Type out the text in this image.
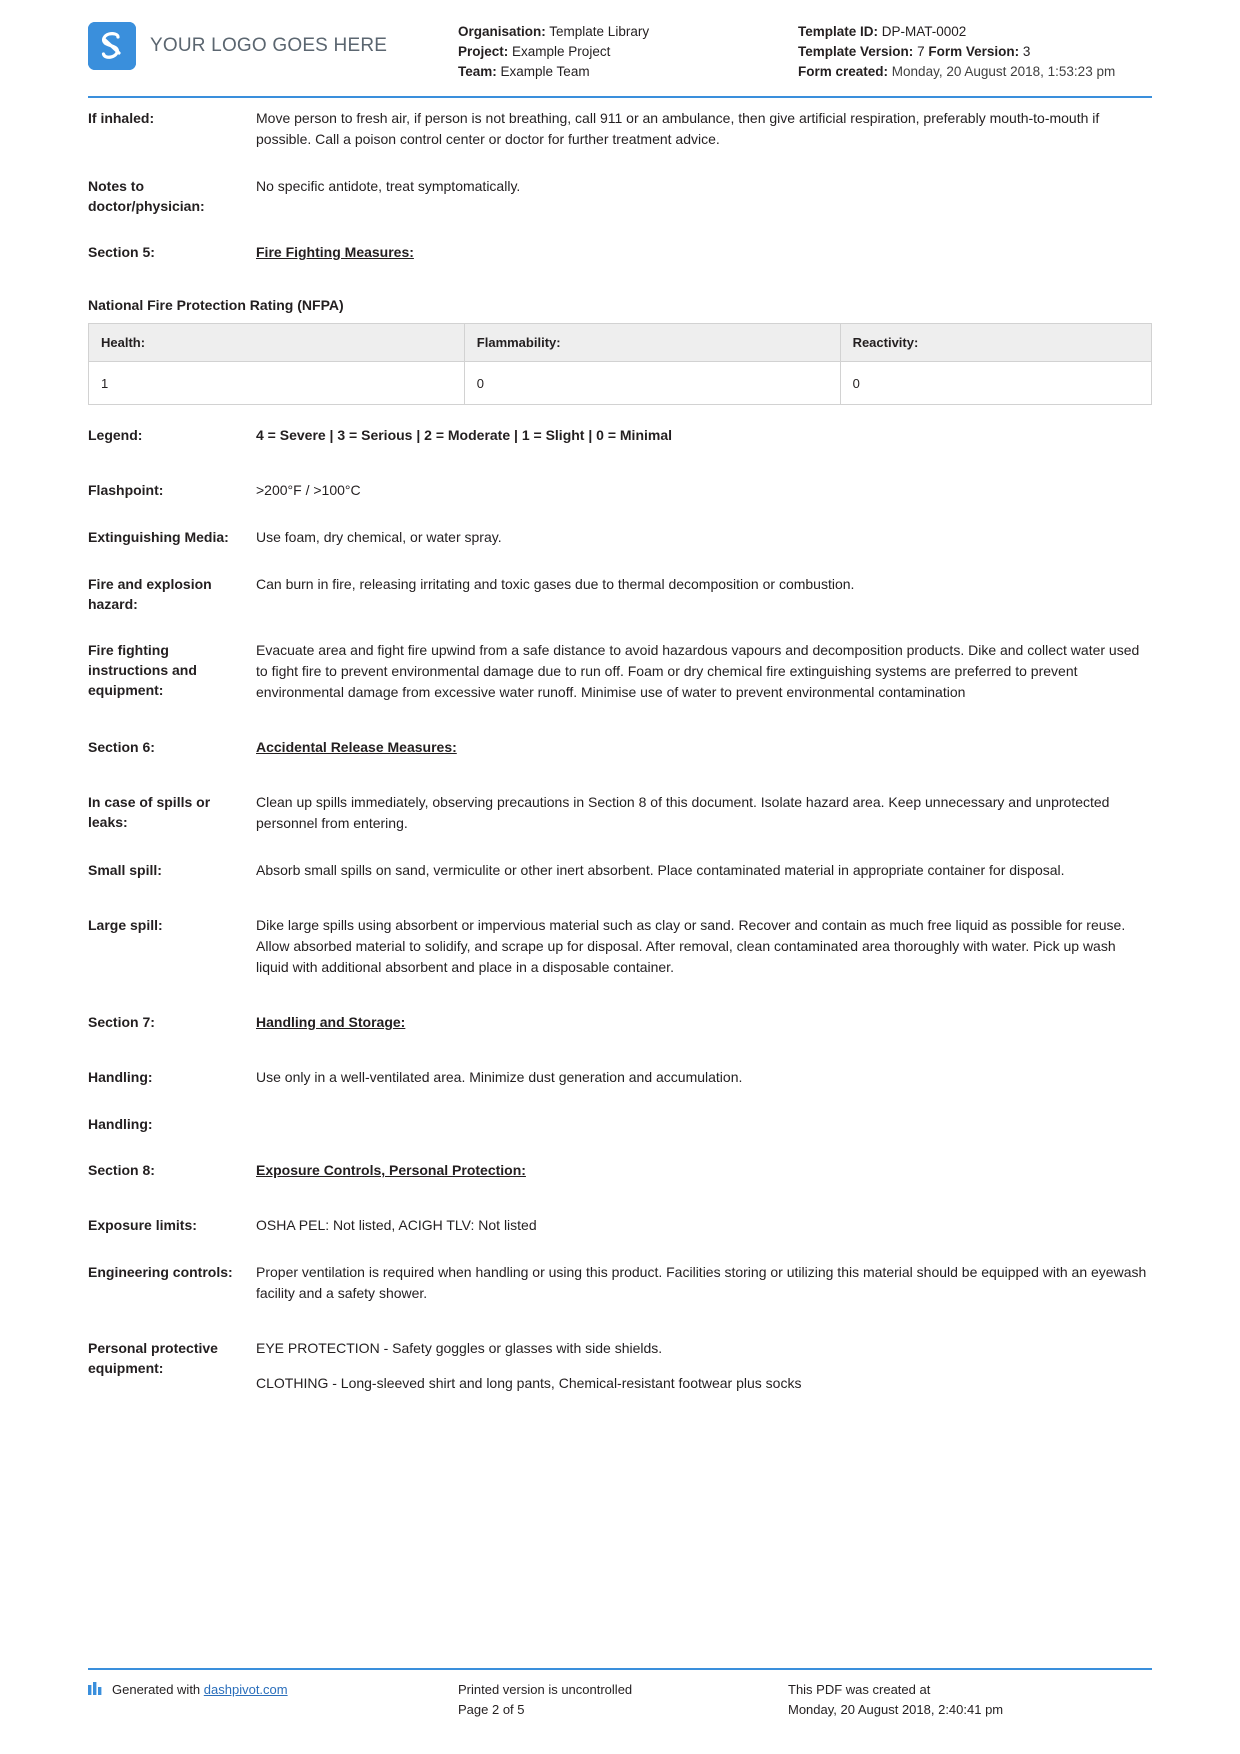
YOUR LOGO GOES HERE
Organisation: Template Library
Project: Example Project
Team: Example Team
Template ID: DP-MAT-0002
Template Version: 7 Form Version: 3
Form created: Monday, 20 August 2018, 1:53:23 pm
If inhaled:	Move person to fresh air, if person is not breathing, call 911 or an ambulance, then give artificial respiration, preferably mouth-to-mouth if possible. Call a poison control center or doctor for further treatment advice.
Notes to doctor/physician:
No specific antidote, treat symptomatically.
Section 5:	Fire Fighting Measures:
National Fire Protection Rating (NFPA)
Health:	Flammability:	Reactivity:
1	0	0
Legend:	4 = Severe | 3 = Serious | 2 = Moderate | 1 = Slight | 0 = Minimal
Flashpoint:	>200°F / >100°C
Extinguishing Media:	Use foam, dry chemical, or water spray.
Fire and explosion hazard:
Can burn in fire, releasing irritating and toxic gases due to thermal decomposition or combustion.
Fire fighting instructions and equipment:
Evacuate area and fight fire upwind from a safe distance to avoid hazardous vapours and decomposition products. Dike and collect water used to fight fire to prevent environmental damage due to run off. Foam or dry chemical fire extinguishing systems are preferred to prevent environmental damage from excessive water runoff. Minimise use of water to prevent environmental contamination
Section 6:	Accidental Release Measures:
In case of spills or leaks:
Clean up spills immediately, observing precautions in Section 8 of this document. Isolate hazard area. Keep unnecessary and unprotected personnel from entering.
Small spill:	Absorb small spills on sand, vermiculite or other inert absorbent. Place contaminated material in appropriate container for disposal.
Large spill:	Dike large spills using absorbent or impervious material such as clay or sand. Recover and contain as much free liquid as possible for reuse. Allow absorbed material to solidify, and scrape up for disposal. After removal, clean contaminated area thoroughly with water. Pick up wash liquid with additional absorbent and place in a disposable container.
Section 7:	Handling and Storage:
Handling:	Use only in a well-ventilated area. Minimize dust generation and accumulation.
Handling:
Section 8:	Exposure Controls, Personal Protection:
Exposure limits:	OSHA PEL: Not listed, ACIGH TLV: Not listed
Engineering controls:	Proper ventilation is required when handling or using this product. Facilities storing or utilizing this material should be equipped with an eyewash facility and a safety shower.
Personal protective equipment:
EYE PROTECTION - Safety goggles or glasses with side shields.
CLOTHING - Long-sleeved shirt and long pants, Chemical-resistant footwear plus socks
Generated with dashpivot.com	Printed version is uncontrolled
Page 2 of 5
This PDF was created at
Monday, 20 August 2018, 2:40:41 pm
